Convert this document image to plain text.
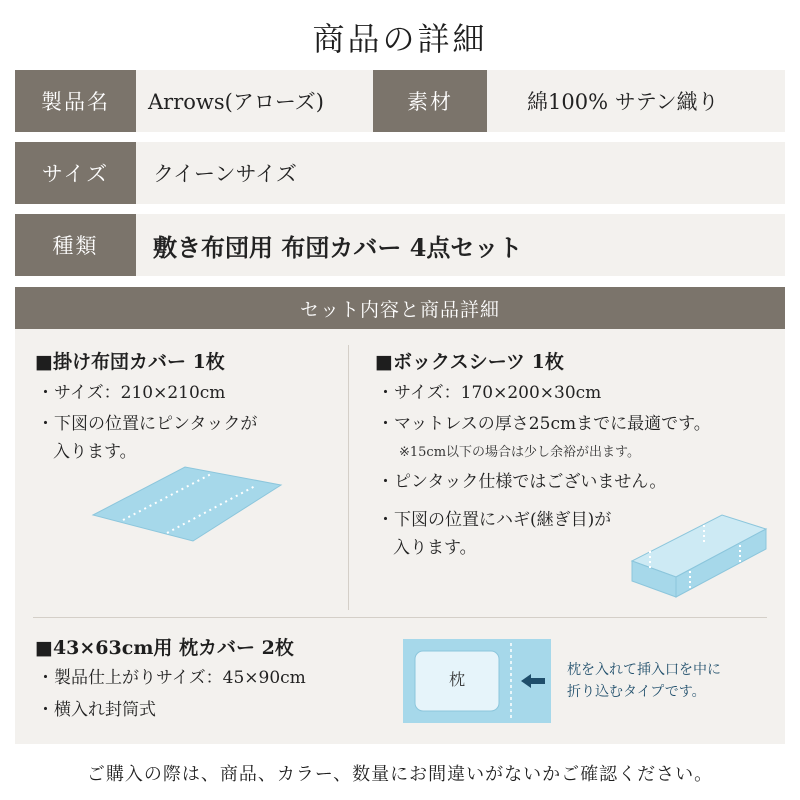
商品の詳細
製品名	Arrows(アローズ)	素材	綿100% サテン織り
サイズ	クイーンサイズ
種類	敷き布団用 布団カバー 4点セット
セット内容と商品詳細
■掛け布団カバー 1枚
・サイズ：210×210cm
・下図の位置にピンタックが
入ります。
■ボックスシーツ 1枚
・サイズ：170×200×30cm
・マットレスの厚さ25cmまでに最適です。
※15cm以下の場合は少し余裕が出ます。
・ピンタック仕様ではございません。
・下図の位置にハギ(継ぎ目)が
入ります。
■43×63cm用 枕カバー 2枚
・製品仕上がりサイズ：45×90cm
・横入れ封筒式
枕	枕を入れて挿入口を中に
折り込むタイプです。
ご購入の際は、商品、カラー、数量にお間違いがないかご確認ください。
